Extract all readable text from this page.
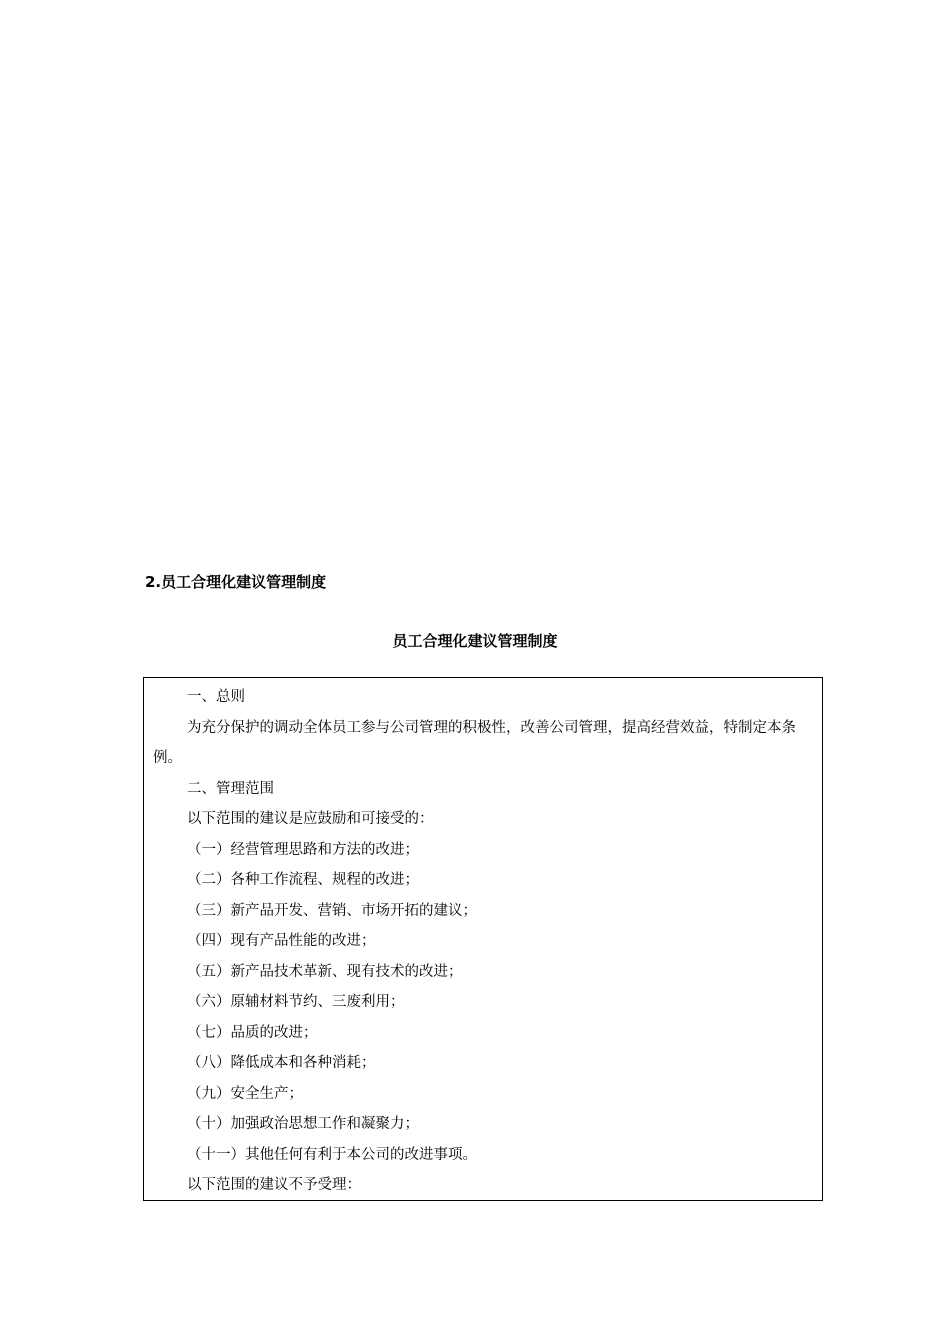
2.员工合理化建议管理制度
员工合理化建议管理制度

一、总则

为充分保护的调动全体员工参与公司管理的积极性，改善公司管理，提高经营效益，特制定本条例。

二、管理范围

以下范围的建议是应鼓励和可接受的：

（一）经营管理思路和方法的改进；

（二）各种工作流程、规程的改进；

（三）新产品开发、营销、市场开拓的建议；

（四）现有产品性能的改进；

（五）新产品技术革新、现有技术的改进；

（六）原辅材料节约、三废利用；

（七）品质的改进；

（八）降低成本和各种消耗；

（九）安全生产；

（十）加强政治思想工作和凝聚力；

（十一）其他任何有利于本公司的改进事项。

以下范围的建议不予受理：
